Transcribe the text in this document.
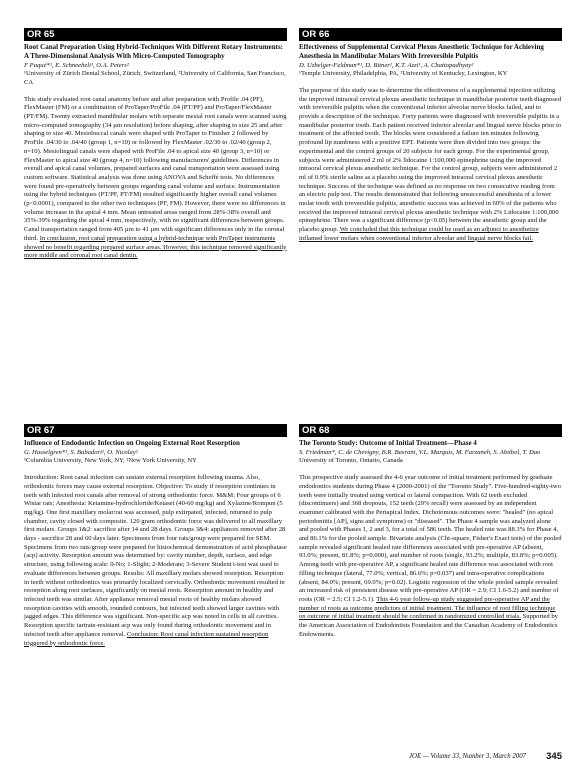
OR 65

Root Canal Preparation Using Hybrid-Techniques With Different Rotary Instruments: A Three-Dimensional Analysis With Micro-Computed Tomography

F Paqué*¹, E. Schneeheli¹, O.A. Peters²

¹University of Zürich Dental School, Zürich, Switzerland, ²University of California, San Francisco, CA

This study evaluated root canal anatomy before and after preparation with Profile .04 (PF), FlexMaster (FM) or a combination of ProTaper/ProFile .04 (PT/PF) and ProTaper/FlexMaster (PT/FM). Twenty extracted mandibular molars with separate mesial root canals were scanned using micro-computed tomography (34 µm resolution) before shaping, after shaping to size 25 and after shaping to size 40. Mesiobuccal canals were shaped with ProTaper to Finisher 2 followed by ProFile .04/30 to .04/40 (group 1, n=10) or followed by FlexMaster .02/30 to .02/40 (group 2, n=10). Mesiolingual canals were shaped with ProFile .04 to apical size 40 (group 3, n=10) or FlexMaster to apical size 40 (group 4, n=10) following manufacturers' guidelines. Differences in overall and apical canal volumes, prepared surfaces and canal transportation were assessed using custom software. Statistical analysis was done using ANOVA and Scheffé tests. No differences were found pre-operatively between groups regarding canal volume and surface. Instrumentation using the hybrid techniques (PT/PF, PT/FM) resulted significantly higher overall canal volumes (p<0.0001), compared to the other two techniques (PF, FM). However, there were no differences in volume increase in the apical 4 mm. Mean untreated areas ranged from 28%-38% overall and 35%-39% regarding the apical 4 mm, respectively, with no significant differences between groups. Canal transportation ranged from 405 µm to 41 µm with significant differences only in the coronal third. In conclusion, root canal preparation using a hybrid-technique with ProTaper instruments showed no benefit regarding prepared surface areas. However, this technique removed significantly more middle and coronal root canal dentin.

OR 66

Effectiveness of Supplemental Cervical Plexus Anesthetic Technique for Achieving Anesthesia in Mandibular Molars With Irreversible Pulpitis

D. Uzbelger-Feldman*¹, D. Bitner¹, K.T. Azzi¹, A. Chattopadhyay²

¹Temple University, Philadelphia, PA, ²University of Kentucky, Lexington, KY

The purpose of this study was to determine the effectiveness of a supplemental injection utilizing the improved intraoral cervical plexus anesthetic technique in mandibular posterior teeth diagnosed with irreversible pulpitis when the conventional inferior alveolar nerve blocks failed, and to provide a description of the technique. Forty patients were diagnosed with irreversible pulpitis in a mandibular posterior tooth. Each patient received inferior alveolar and lingual nerve blocks prior to treatment of the affected tooth. The blocks were considered a failure ten minutes following profound lip numbness with a positive EPT. Patients were then divided into two groups: the experimental and the control groups of 20 subjects for each group. For the experimental group, subjects were administered 2 ml of 2% lidocaine 1:100,000 epinephrine using the improved intraoral cervical plexus anesthetic technique. For the control group, subjects were administered 2 ml of 0.9% sterile saline as a placebo using the improved intraoral cervical plexus anesthetic technique. Success of the technique was defined as no response on two consecutive reading from an electric pulp test. The results demonstrated that following unsuccessful anesthesia of a lower molar tooth with irreversible pulpitis, anesthetic success was achieved in 60% of the patients who received the improved intraoral cervical plexus anesthetic technique with 2% Lidocaine 1:100,000 epinephrine. There was a significant difference (p<0.05) between the anesthetic group and the placebo group. We concluded that this technique could be used as an adjunct to anesthetize inflamed lower molars when conventional inferior alveolar and lingual nerve blocks fail.

OR 67

Influence of Endodontic Infection on Ongoing External Root Resorption

G. Hasselgren*¹, S. Babadori¹, O. Nicolay²

¹Columbia University, New York, NY, ²New York University, NY

Introduction: Root canal infection can sustain external resorption following trauma. Also, orthodontic forces may cause external resorption. Objective: To study if resorption continues in teeth with infected root canals after removal of strong orthodontic force. M&M: Four groups of 6 Wistar rats; Anesthesia: Ketamine-hydrochloride/Ketaset (40-60 mg/kg) and Xylazine/Rompun (5 mg/kg). One first maxillary molar/rat was accessed, pulp extirpated, infected, returned to pulp chamber, cavity closed with composite. 120 gram orthodontic force was delivered to all maxillary first molars. Groups 1&2: sacrifice after 14 and 28 days. Groups 3&4: appliances removed after 28 days - sacrifice 28 and 60 days later. Specimens from four rats/group were prepared for SEM. Specimens from two rats/group were prepared for histochemical demonstration of acid phosphatase (acp) activity. Resorption amount was determined by: cavity number, depth, surface, and edge structure, using following scale: 0-No; 1-Slight; 2-Moderate; 3-Severe Student t-test was used to evaluate differences between groups. Results: All maxillary molars showed resorption. Resorption in teeth without orthodontics was primarily localized cervically. Orthodontic movement resulted in resorption along root surfaces, significantly on mesial roots. Resorption amount in healthy and infected teeth was similar. After appliance removal mesial roots of healthy molars showed resorption cavities with smooth, rounded contours, but infected teeth showed larger cavities with jagged edges. This difference was significant. Non-specific acp was noted in cells in all cavities. Resorption specific tartrate-resistant acp was only found during orthodontic movement and in infected teeth after appliance removal. Conclusion: Root canal infection sustained resorption triggered by orthodontic force.

OR 68

The Toronto Study: Outcome of Initial Treatment—Phase 4

S. Friedman*, C. de Chevigny, B.R. Basrani, V.L. Marquis, M. Farzaneh, S. Abitbol, T. Dao

University of Toronto, Ontario, Canada

This prospective study assessed the 4-6 year outcome of initial treatment performed by graduate endodontics students during Phase 4 (2000-2001) of the "Toronto Study". Five-hundred-eighty-two teeth were initially treated using vertical or lateral compaction. With 62 teeth excluded (discontinuers) and 368 dropouts, 152 teeth (29% recall) were assessed by an independent examiner calibrated with the Periapical Index. Dichotomous outcomes were: "healed" (no apical periodontitis [AP], signs and symptoms) or "diseased". The Phase 4 sample was analyzed alone and pooled with Phases 1, 2 and 3, for a total of 586 teeth. The healed rate was 88.3% for Phase 4, and 86.1% for the pooled sample. Bivariate analysis (Chi-square, Fisher's Exact tests) of the pooled sample revealed significant healed rate differences associated with pre-operative AP (absent, 93.0%; present, 81.8%; p=0.000), and number of roots (single, 93.2%; multiple, 83.8%; p=0.005). Among teeth with pre-operative AP, a significant healed rate difference was associated with root filling technique (lateral, 77.0%; vertical, 86.6%; p=0.037) and intra-operative complications (absent, 84.0%; present, 69.0%; p=0.02). Logistic regression of the whole pooled sample revealed an increased risk of persistent disease with pre-operative AP (OR = 2.9; CI 1.6-5.2) and number of roots (OR = 2.5; CI 1.2-5.1). This 4-6 year follow-up study suggested pre-operative AP and the number of roots as outcome predictors of initial treatment. The influence of root filling technique on outcome of initial treatment should be confirmed in randomized controlled trials. Supported by the American Association of Endodontists Foundation and the Canadian Academy of Endodontics Endowments.

JOE — Volume 33, Number 3, March 2007 345
